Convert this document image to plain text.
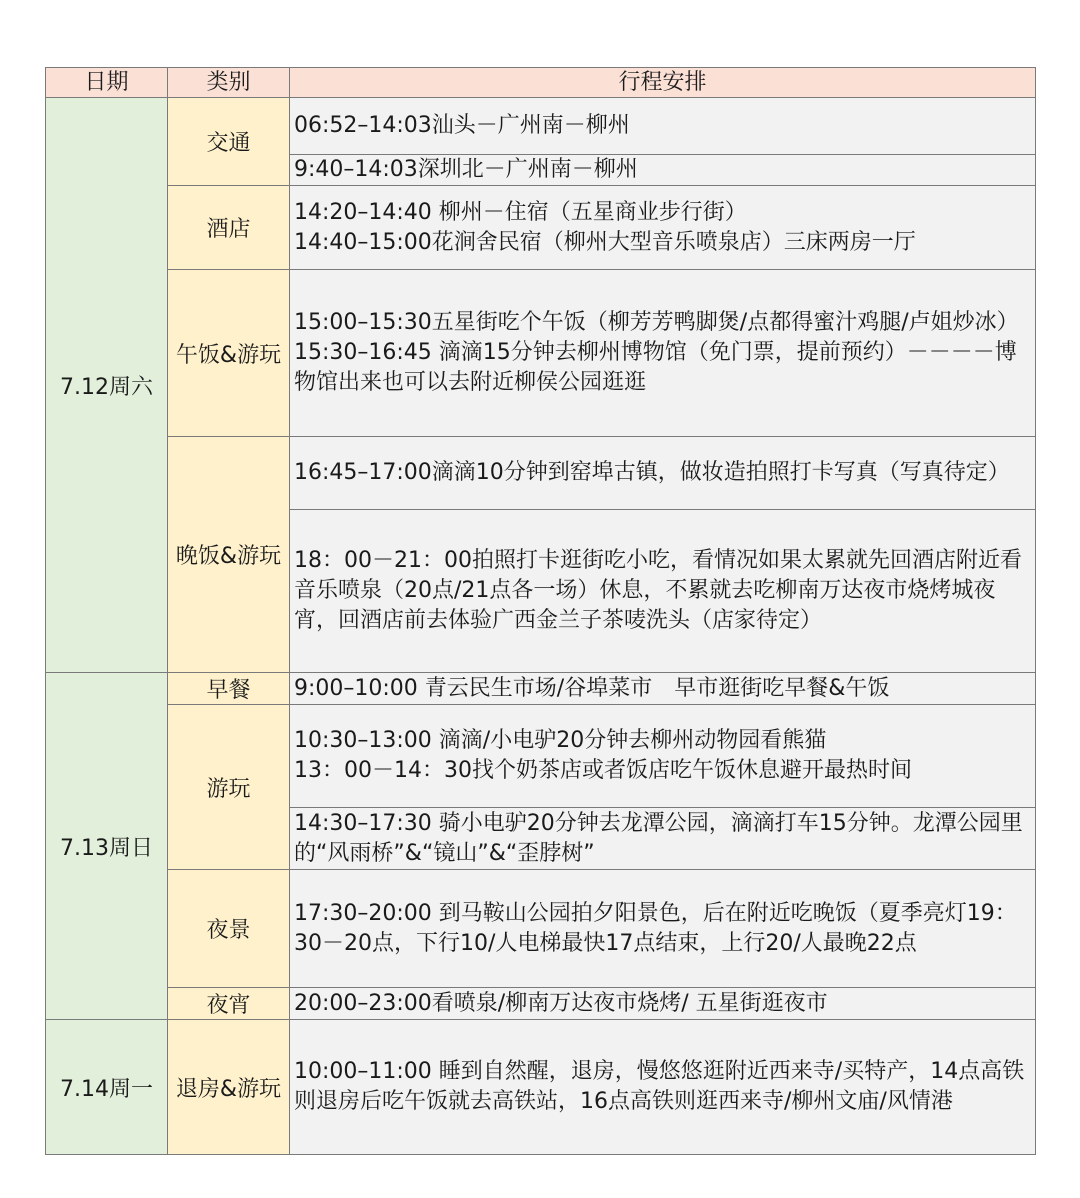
日期	类别	行程安排
7.12周六	交通	06:52–14:03汕头－广州南－柳州

		9:40–14:03深圳北－广州南－柳州

	酒店	14:20–14:40 柳州－住宿（五星商业步行街）
14:40–15:00花涧舍民宿（柳州大型音乐喷泉店）三床两房一厅

	午饭&游玩	15:00–15:30五星街吃个午饭（柳芳芳鸭脚煲/点都得蜜汁鸡腿/卢姐炒冰）
15:30–16:45 滴滴15分钟去柳州博物馆（免门票，提前预约）－－－－博物馆出来也可以去附近柳侯公园逛逛

	晚饭&游玩	16:45–17:00滴滴10分钟到窑埠古镇，做妆造拍照打卡写真（写真待定）

		18：00－21：00拍照打卡逛街吃小吃，看情况如果太累就先回酒店附近看音乐喷泉（20点/21点各一场）休息，不累就去吃柳南万达夜市烧烤城夜宵，回酒店前去体验广西金兰子茶唛洗头（店家待定）

7.13周日	早餐	9:00–10:00 青云民生市场/谷埠菜市　早市逛街吃早餐&午饭

	游玩	10:30–13:00 滴滴/小电驴20分钟去柳州动物园看熊猫
13：00－14：30找个奶茶店或者饭店吃午饭休息避开最热时间

		14:30–17:30 骑小电驴20分钟去龙潭公园，滴滴打车15分钟。龙潭公园里的“风雨桥”&“镜山”&“歪脖树”

	夜景	17:30–20:00 到马鞍山公园拍夕阳景色，后在附近吃晚饭（夏季亮灯19：30－20点，下行10/人电梯最快17点结束，上行20/人最晚22点

	夜宵	20:00–23:00看喷泉/柳南万达夜市烧烤/ 五星街逛夜市

7.14周一	退房&游玩	10:00–11:00 睡到自然醒，退房，慢悠悠逛附近西来寺/买特产，14点高铁则退房后吃午饭就去高铁站，16点高铁则逛西来寺/柳州文庙/风情港
